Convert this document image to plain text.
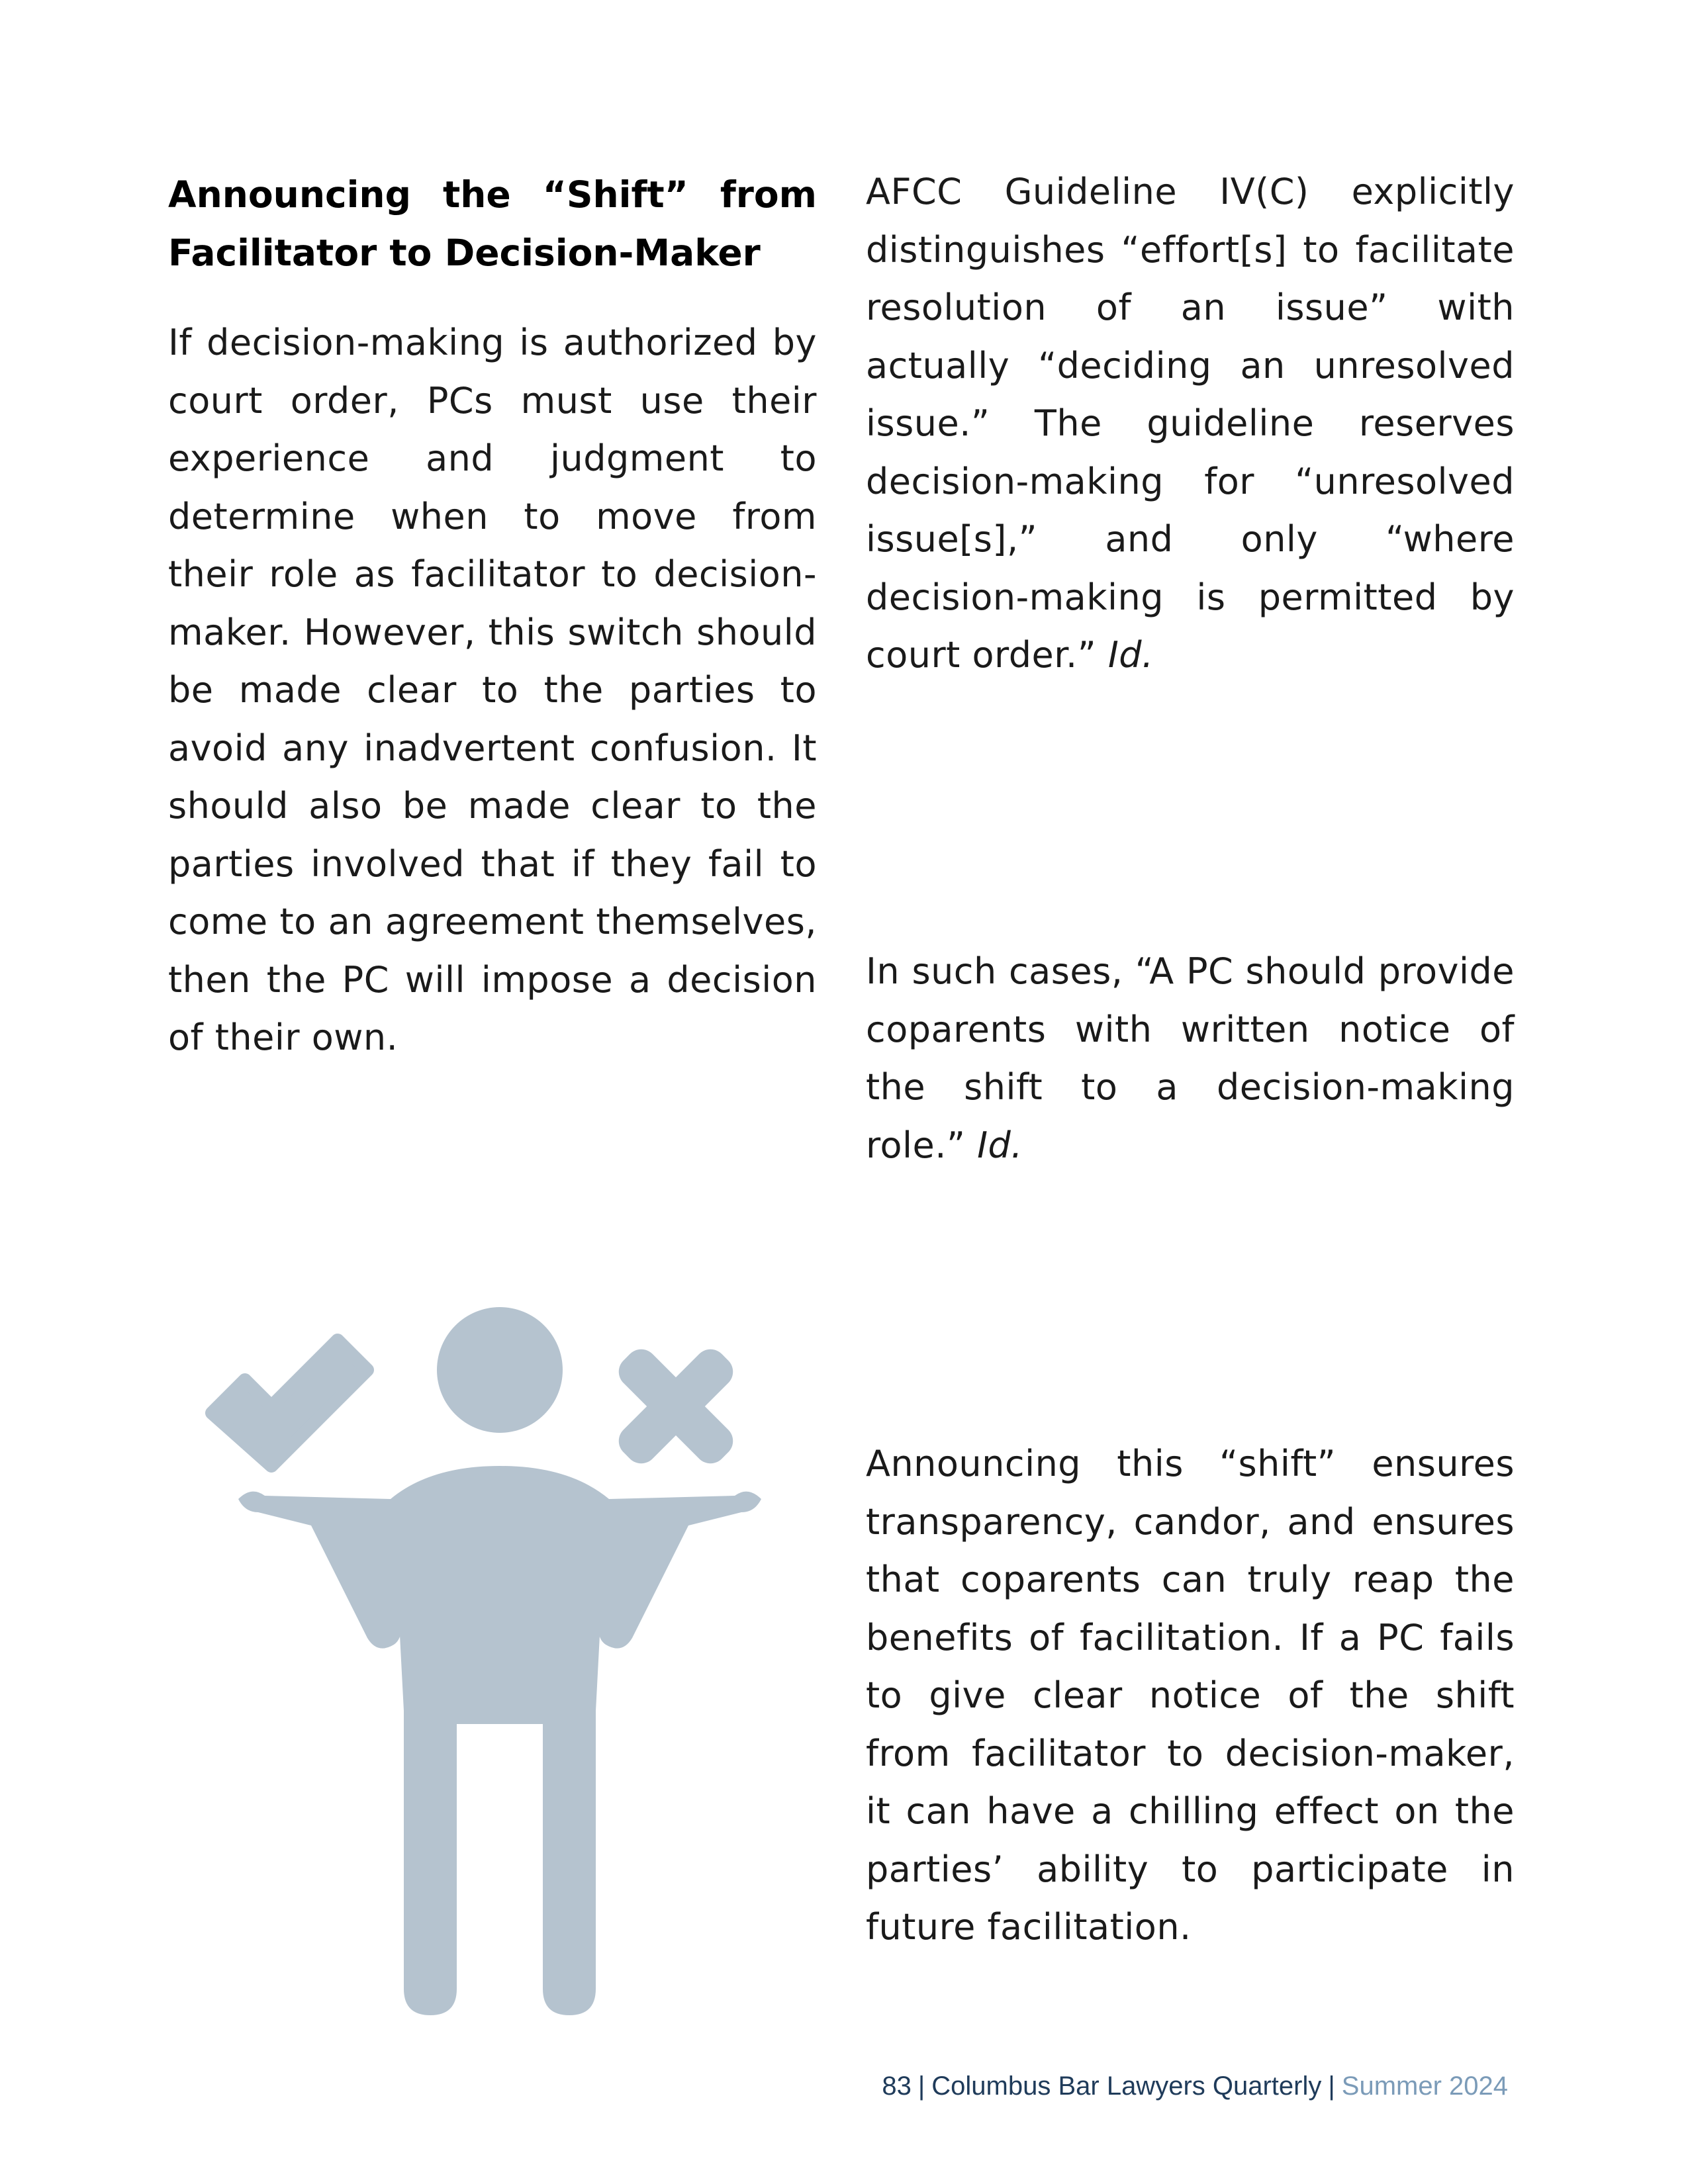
Announcing the “Shift” from Facilitator to Decision-Maker

If decision-making is authorized by court order, PCs must use their experience and judgment to determine when to move from their role as facilitator to decision-maker. However, this switch should be made clear to the parties to avoid any inadvertent confusion. It should also be made clear to the parties involved that if they fail to come to an agreement themselves, then the PC will impose a decision of their own.

AFCC Guideline IV(C) explicitly distinguishes “effort[s] to facilitate resolution of an issue” with actually “deciding an unresolved issue.” The guideline reserves decision-making for “unresolved issue[s],” and only “where decision-making is permitted by court order.” Id.

In such cases, “A PC should provide coparents with written notice of the shift to a decision-making role.” Id.

Announcing this “shift” ensures transparency, candor, and ensures that coparents can truly reap the benefits of facilitation. If a PC fails to give clear notice of the shift from facilitator to decision-maker, it can have a chilling effect on the parties’ ability to participate in future facilitation.

83 | Columbus Bar Lawyers Quarterly | Summer 2024
